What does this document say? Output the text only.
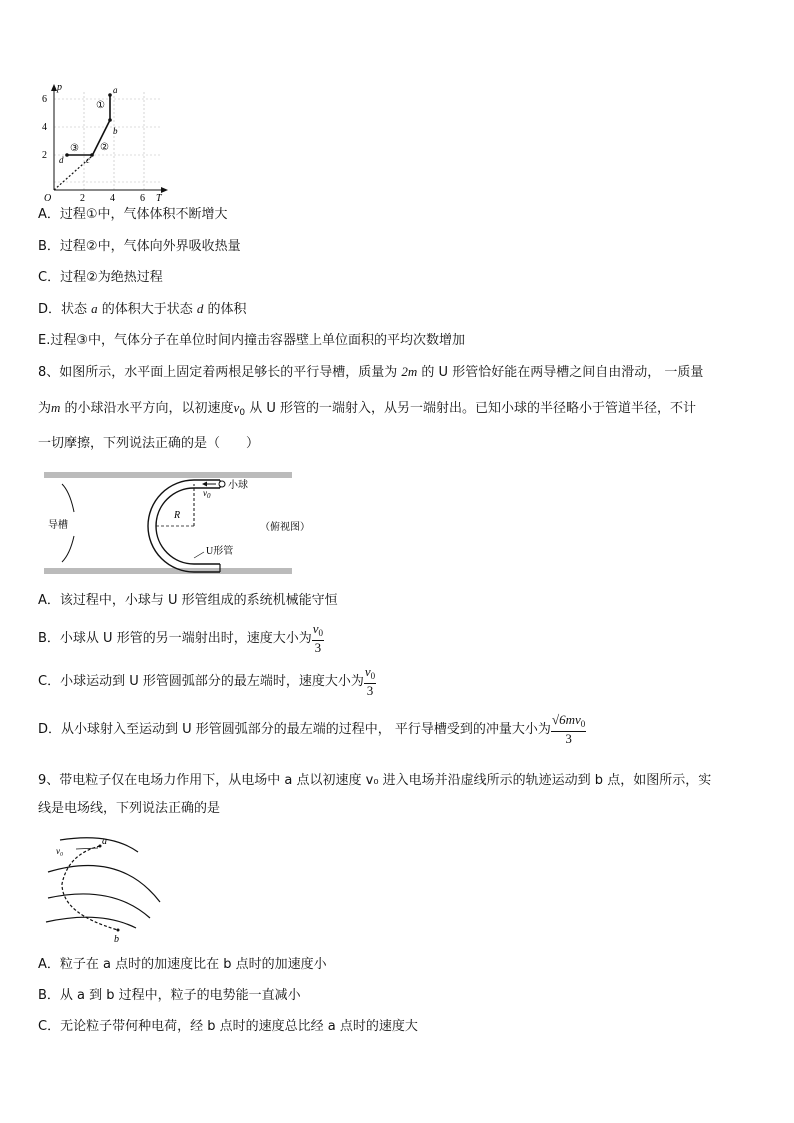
p
T
O
6
4
2
2	4	6
a
b
c
d
①
②
③
A．过程①中，气体体积不断增大
B．过程②中，气体向外界吸收热量
C．过程②为绝热过程
D．状态 a 的体积大于状态 d 的体积
E.过程③中，气体分子在单位时间内撞击容器壁上单位面积的平均次数增加
8、如图所示，水平面上固定着两根足够长的平行导槽，质量为 2m 的 U 形管恰好能在两导槽之间自由滑动， 一质量
为m 的小球沿水平方向，以初速度$v_0$ 从 U 形管的一端射入，从另一端射出。已知小球的半径略小于管道半径，不计
一切摩擦，下列说法正确的是（　　）
导槽
R
$v_0$
小球
U形管
（俯视图）
A．该过程中，小球与 U 形管组成的系统机械能守恒
B．小球从 U 形管的另一端射出时，速度大小为 $\frac{v_0}{3}$
C．小球运动到 U 形管圆弧部分的最左端时，速度大小为 $\frac{v_0}{3}$
D．从小球射入至运动到 U 形管圆弧部分的最左端的过程中， 平行导槽受到的冲量大小为 $\frac{√6mv_0}{3}$
9、带电粒子仅在电场力作用下，从电场中 a 点以初速度 v₀ 进入电场并沿虚线所示的轨迹运动到 b 点，如图所示，实
线是电场线，下列说法正确的是
v₀
a
b
A．粒子在 a 点时的加速度比在 b 点时的加速度小
B．从 a 到 b 过程中，粒子的电势能一直减小
C．无论粒子带何种电荷，经 b 点时的速度总比经 a 点时的速度大
